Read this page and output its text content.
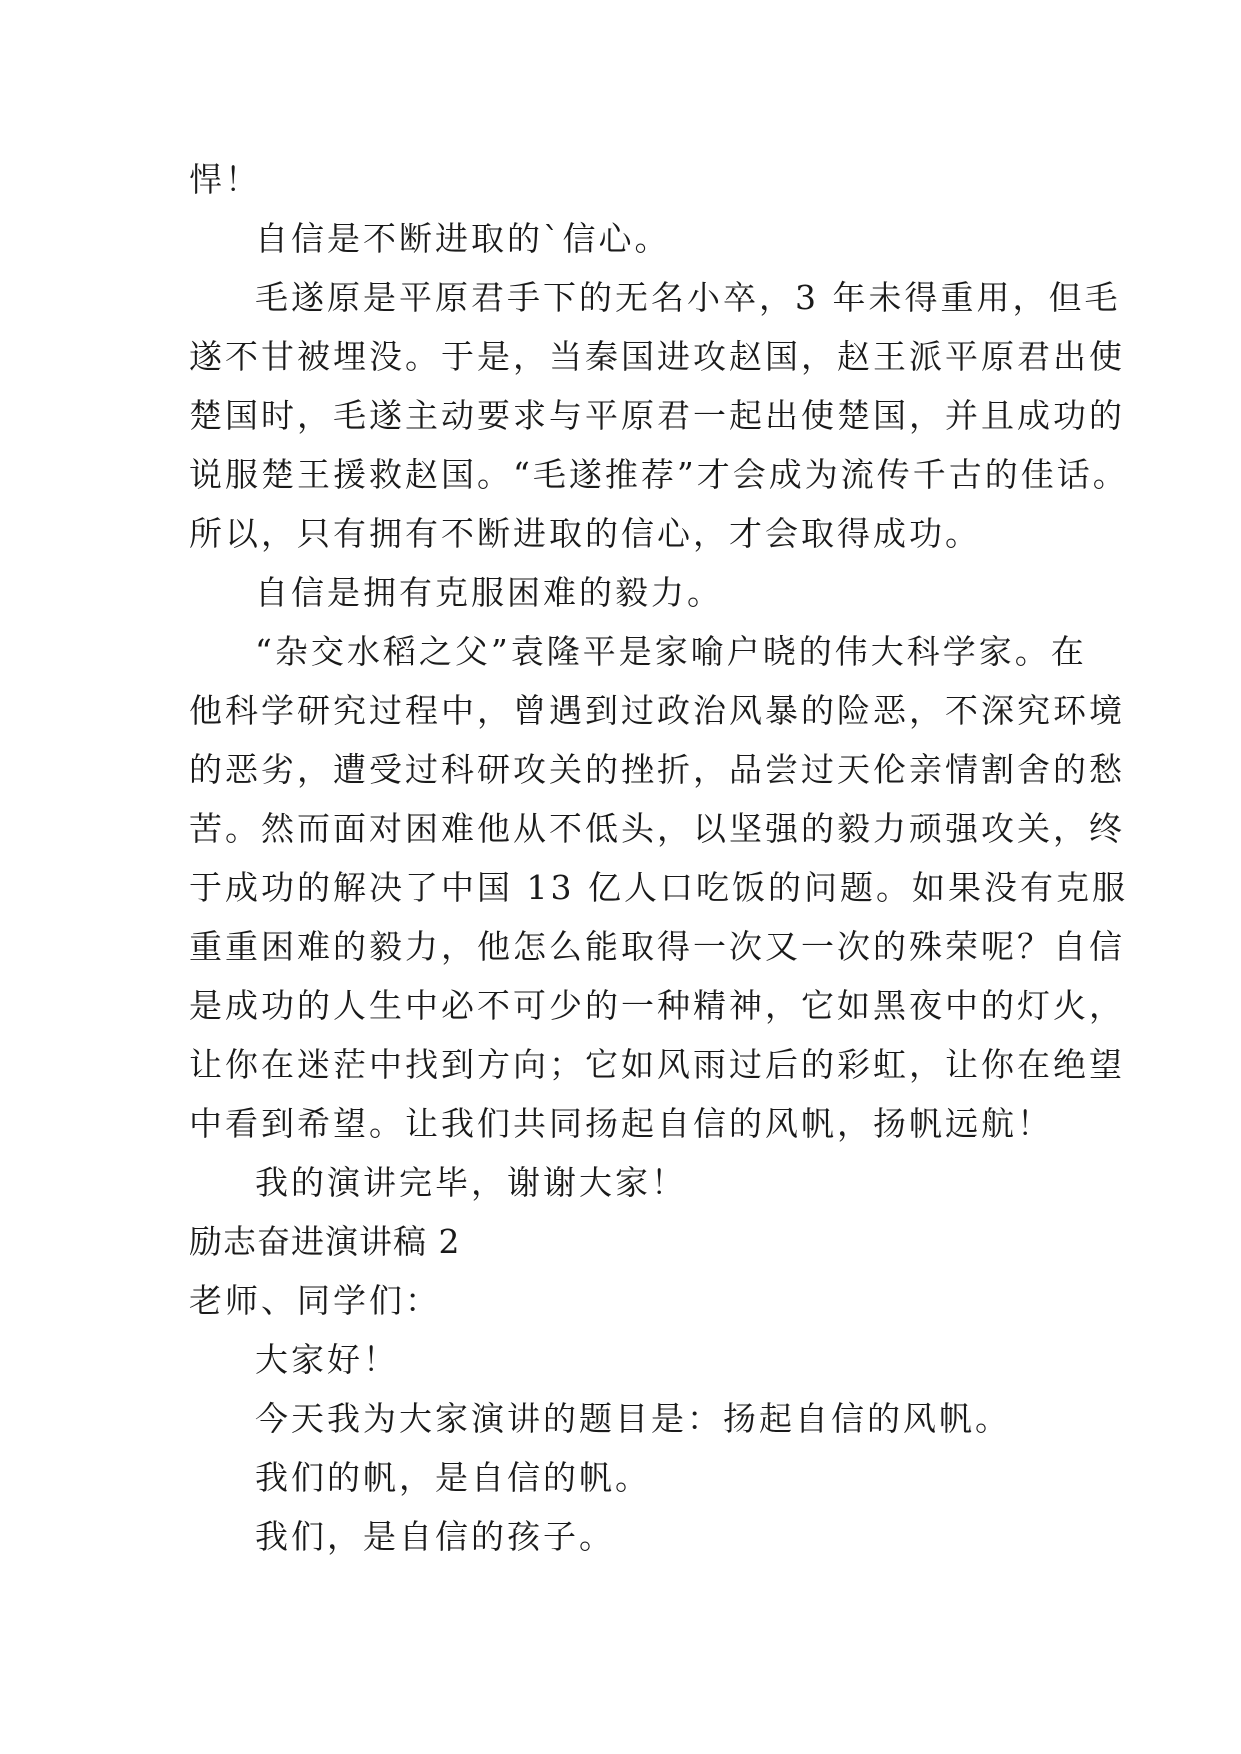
悍！
自信是不断进取的`信心。
毛遂原是平原君手下的无名小卒，3 年未得重用，但毛
遂不甘被埋没。于是，当秦国进攻赵国，赵王派平原君出使
楚国时，毛遂主动要求与平原君一起出使楚国，并且成功的
说服楚王援救赵国。“毛遂推荐”才会成为流传千古的佳话。
所以，只有拥有不断进取的信心，才会取得成功。
自信是拥有克服困难的毅力。
“杂交水稻之父”袁隆平是家喻户晓的伟大科学家。在
他科学研究过程中，曾遇到过政治风暴的险恶，不深究环境
的恶劣，遭受过科研攻关的挫折，品尝过天伦亲情割舍的愁
苦。然而面对困难他从不低头，以坚强的毅力顽强攻关，终
于成功的解决了中国 13 亿人口吃饭的问题。如果没有克服
重重困难的毅力，他怎么能取得一次又一次的殊荣呢？自信
是成功的人生中必不可少的一种精神，它如黑夜中的灯火，
让你在迷茫中找到方向；它如风雨过后的彩虹，让你在绝望
中看到希望。让我们共同扬起自信的风帆，扬帆远航！
我的演讲完毕，谢谢大家！
励志奋进演讲稿 2
老师、同学们：
大家好！
今天我为大家演讲的题目是：扬起自信的风帆。
我们的帆，是自信的帆。
我们，是自信的孩子。
